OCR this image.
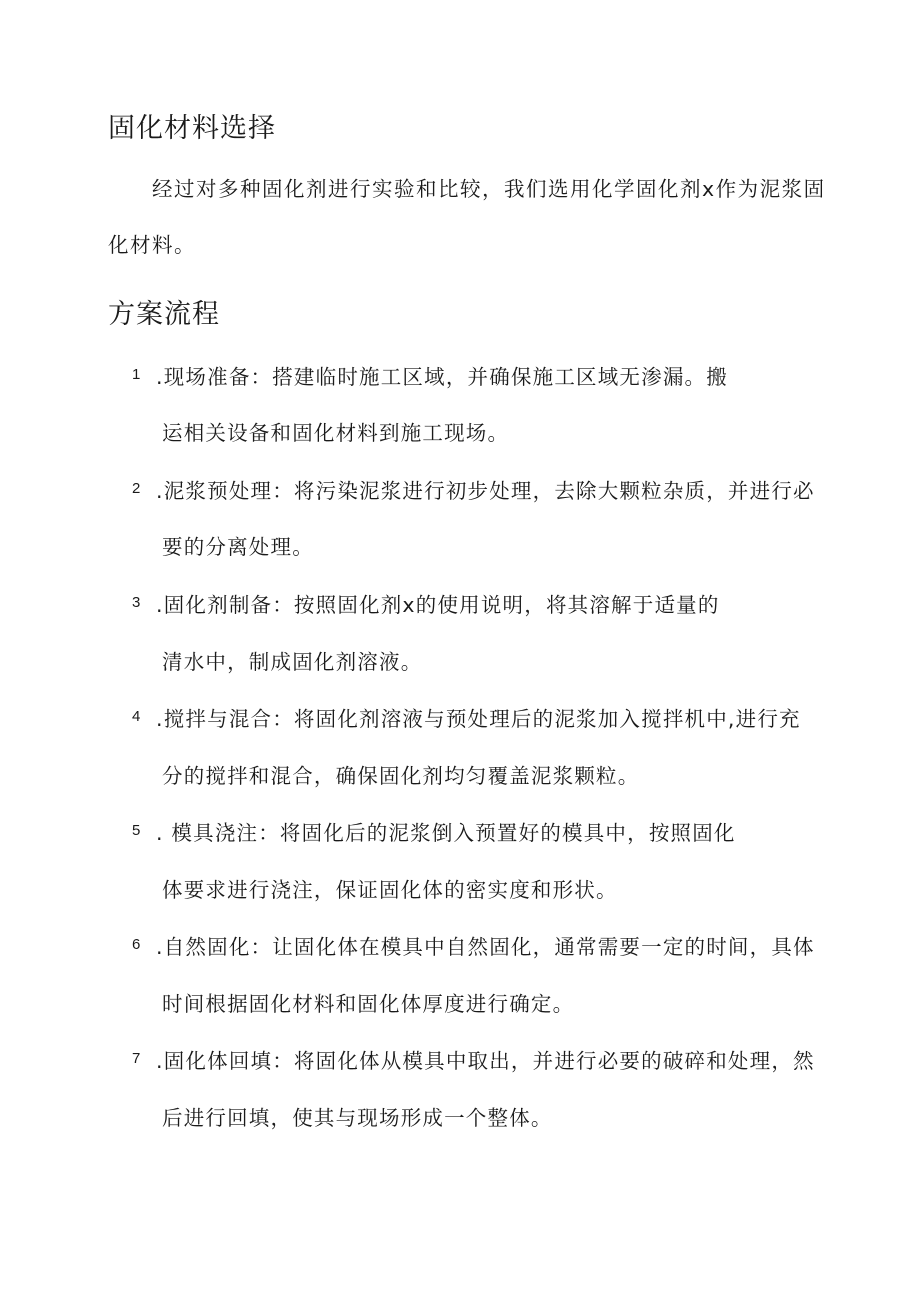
固化材料选择

经过对多种固化剂进行实验和比较，我们选用化学固化剂x作为泥浆固

化材料。

方案流程
1 .现场准备：搭建临时施工区域，并确保施工区域无渗漏。搬
运相关设备和固化材料到施工现场。
2 .泥浆预处理：将污染泥浆进行初步处理，去除大颗粒杂质，并进行必
要的分离处理。
3 .固化剂制备：按照固化剂x的使用说明，将其溶解于适量的
清水中，制成固化剂溶液。
4 .搅拌与混合：将固化剂溶液与预处理后的泥浆加入搅拌机中,进行充
分的搅拌和混合，确保固化剂均匀覆盖泥浆颗粒。
5 . 模具浇注：将固化后的泥浆倒入预置好的模具中，按照固化
体要求进行浇注，保证固化体的密实度和形状。
6 .自然固化：让固化体在模具中自然固化，通常需要一定的时间，具体
时间根据固化材料和固化体厚度进行确定。
7 .固化体回填：将固化体从模具中取出，并进行必要的破碎和处理，然
后进行回填，使其与现场形成一个整体。
